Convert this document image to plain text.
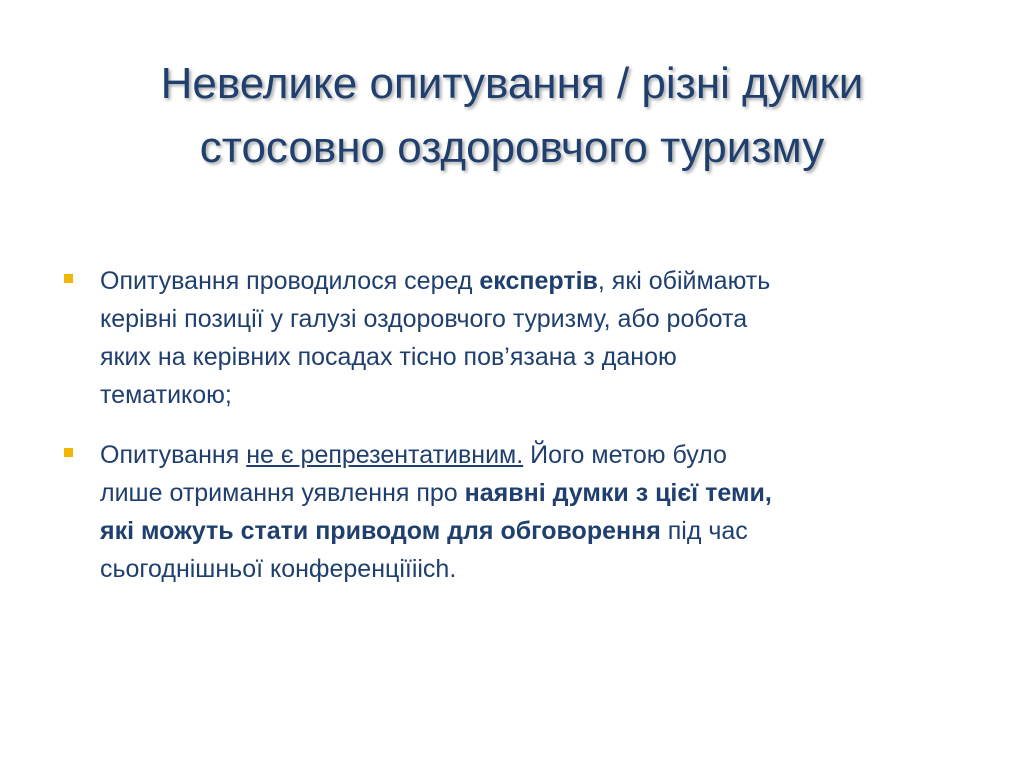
Невелике опитування / різні думки
стосовно оздоровчого туризму
Опитування проводилося серед експертів, які обіймають
керівні позиції у галузі оздоровчого туризму, або робота
яких на керівних посадах тісно пов’язана з даною
тематикою;
Опитування не є репрезентативним. Його метою було
лише отримання уявлення про наявні думки з цієї теми,
які можуть стати приводом для обговорення під час
сьогоднішньої конференціїiich.
